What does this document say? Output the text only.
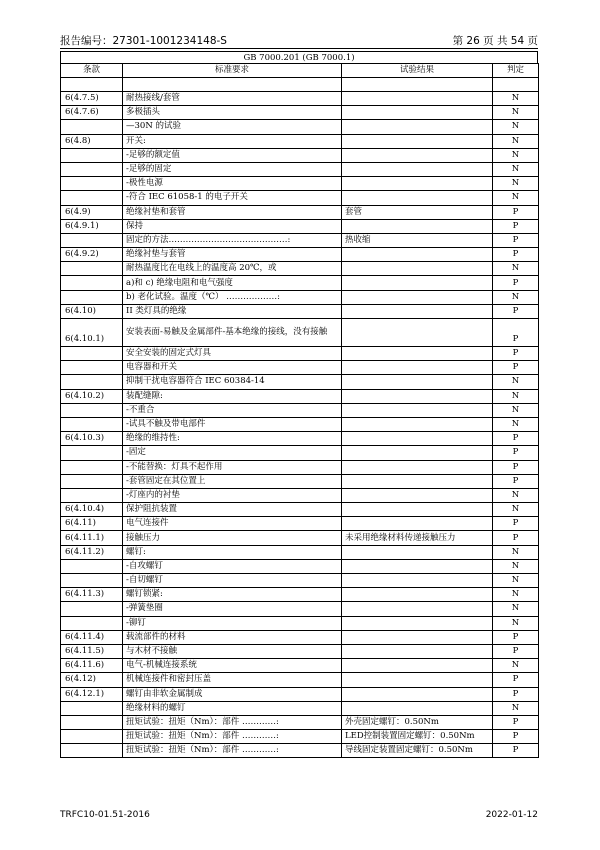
报告编号：27301-1001234148-S	第 26 页 共 54 页
GB 7000.201 (GB 7000.1)
条款	标准要求	试验结果	判定

6(4.7.5)	耐热接线/套管		N
6(4.7.6)	多极插头		N
	—30N 的试验		N
6(4.8)	开关:		N
	-足够的额定值		N
	-足够的固定		N
	-极性电源		N
	-符合 IEC 61058-1 的电子开关		N
6(4.9)	绝缘衬垫和套管	套管	P
6(4.9.1)	保持		P
	固定的方法……………………………………:	热收缩	P
6(4.9.2)	绝缘衬垫与套管		P
	耐热温度比在电线上的温度高 20℃，或		N
	a)和 c) 绝缘电阻和电气强度		P
	b) 老化试验。温度（℃） ………………:		N
6(4.10)	II 类灯具的绝缘		P
6(4.10.1)	安装表面-易触及金属部件-基本绝缘的接线，没有接触		P
	安全安装的固定式灯具		P
	电容器和开关		P
	抑制干扰电容器符合 IEC 60384-14		N
6(4.10.2)	装配缝隙:		N
	-不重合		N
	-试具不触及带电部件		N
6(4.10.3)	绝缘的维持性:		P
	-固定		P
	-不能替换：灯具不起作用		P
	-套管固定在其位置上		P
	-灯座内的衬垫		N
6(4.10.4)	保护阻抗装置		N
6(4.11)	电气连接件		P
6(4.11.1)	接触压力	未采用绝缘材料传递接触压力	P
6(4.11.2)	螺钉:		N
	-自攻螺钉		N
	-自切螺钉		N
6(4.11.3)	螺钉锁紧:		N
	-弹簧垫圈		N
	-铆钉		N
6(4.11.4)	载流部件的材料		P
6(4.11.5)	与木材不接触		P
6(4.11.6)	电气-机械连接系统		N
6(4.12)	机械连接件和密封压盖		P
6(4.12.1)	螺钉由非软金属制成		P
	绝缘材料的螺钉		N
	扭矩试验：扭矩（Nm）：部件 …………:	外壳固定螺钉：0.50Nm	P
	扭矩试验：扭矩（Nm）：部件 …………:	LED控制装置固定螺钉：0.50Nm	P
	扭矩试验：扭矩（Nm）：部件 …………:	导线固定装置固定螺钉：0.50Nm	P
TRFC10-01.51-2016	2022-01-12
